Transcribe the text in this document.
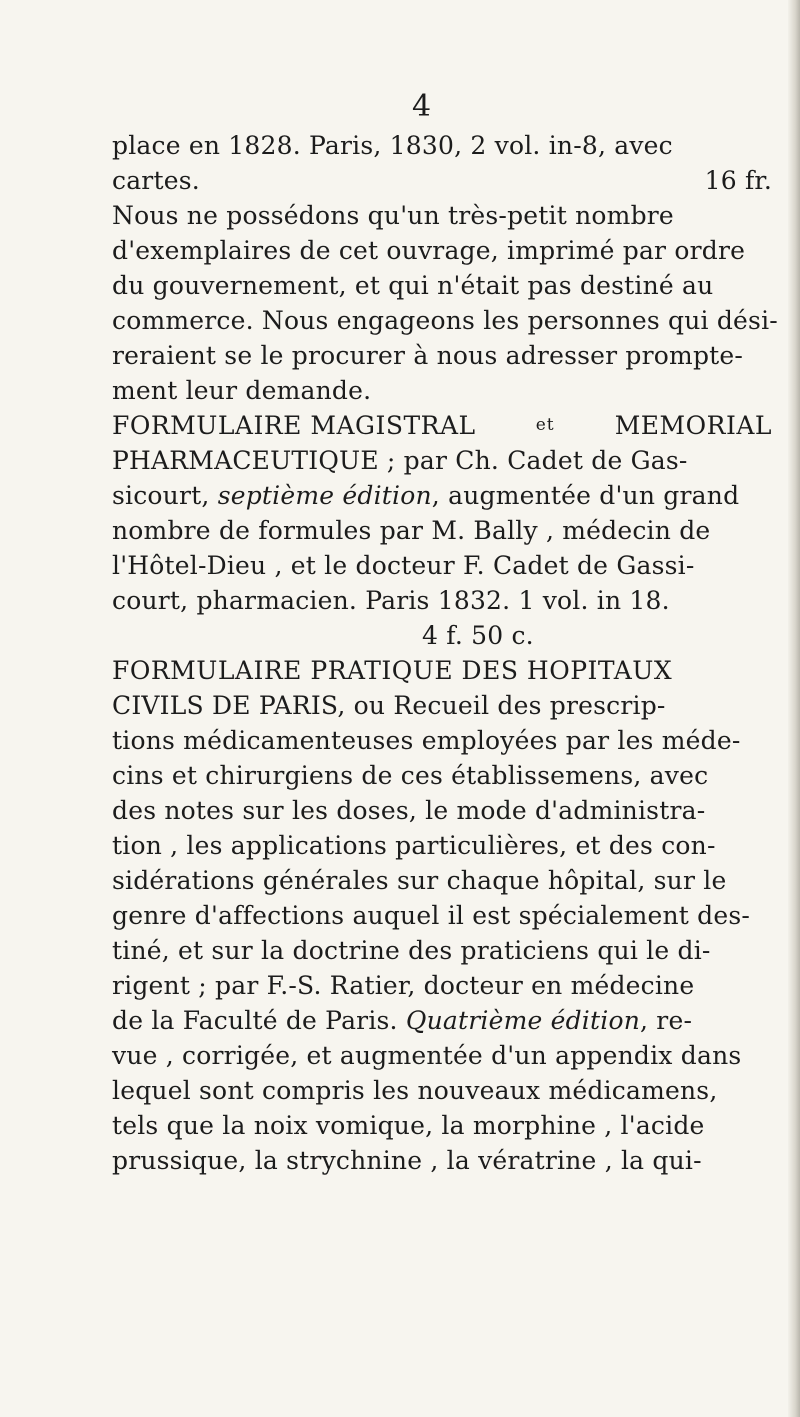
4
place en 1828. Paris, 1830, 2 vol. in-8, avec
cartes.	16 fr.
Nous ne possédons qu'un très-petit nombre
d'exemplaires de cet ouvrage, imprimé par ordre
du gouvernement, et qui n'était pas destiné au
commerce. Nous engageons les personnes qui dési-
reraient se le procurer à nous adresser prompte-
ment leur demande.
FORMULAIRE MAGISTRAL	et MEMORIAL
PHARMACEUTIQUE ; par Ch. Cadet de Gas-
sicourt, septième édition, augmentée d'un grand
nombre de formules par M. Bally , médecin de
l'Hôtel-Dieu , et le docteur F. Cadet de Gassi-
court, pharmacien. Paris 1832. 1 vol. in 18.
4 f. 50 c.
FORMULAIRE PRATIQUE DES HOPITAUX
CIVILS DE PARIS, ou Recueil des prescrip-
tions médicamenteuses employées par les méde-
cins et chirurgiens de ces établissemens, avec
des notes sur les doses, le mode d'administra-
tion , les applications particulières, et des con-
sidérations générales sur chaque hôpital, sur le
genre d'affections auquel il est spécialement des-
tiné, et sur la doctrine des praticiens qui le di-
rigent ; par F.-S. Ratier, docteur en médecine
de la Faculté de Paris. Quatrième édition, re-
vue , corrigée, et augmentée d'un appendix dans
lequel sont compris les nouveaux médicamens,
tels que la noix vomique, la morphine , l'acide
prussique, la strychnine , la vératrine , la qui-
